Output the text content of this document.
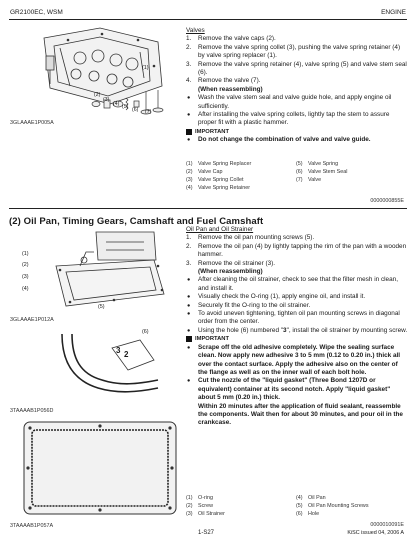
GR2100EC, WSM	ENGINE
(1)
(2)
(3)
(4) (5) (6) (7)
3GLAAAE1P005A
Valves
1. Remove the valve caps (2).
2. Remove the valve spring collet (3), pushing the valve spring retainer (4) by valve spring replacer (1).
3. Remove the valve spring retainer (4), valve spring (5) and valve stem seal (6).
4. Remove the valve (7).
(When reassembling)
● Wash the valve stem seal and valve guide hole, and apply engine oil sufficiently.
● After installing the valve spring collets, lightly tap the stem to assure proper fit with a plastic hammer.
IMPORTANT
● Do not change the combination of valve and valve guide.
(1) Valve Spring Replacer
(2) Valve Cap
(3) Valve Spring Collet
(4) Valve Spring Retainer
(5) Valve Spring
(6) Valve Stem Seal
(7) Valve
0000000855E
(2) Oil Pan, Timing Gears, Camshaft and Fuel Camshaft
(1)
(2)
(3)
(4)
(5)
3GLAAAE1P012A
(6)
3 2
3TAAAAB1P056D
3TAAAAB1P057A
Oil Pan and Oil Strainer
1. Remove the oil pan mounting screws (5).
2. Remove the oil pan (4) by lightly tapping the rim of the pan with a wooden hammer.
3. Remove the oil strainer (3).
(When reassembling)
● After cleaning the oil strainer, check to see that the filter mesh in clean, and install it.
● Visually check the O-ring (1), apply engine oil, and install it.
● Securely fit the O-ring to the oil strainer.
● To avoid uneven tightening, tighten oil pan mounting screws in diagonal order from the center.
● Using the hole (6) numbered "3", install the oil strainer by mounting screw.
IMPORTANT
● Scrape off the old adhesive completely. Wipe the sealing surface clean. Now apply new adhesive 3 to 5 mm (0.12 to 0.20 in.) thick all over the contact surface. Apply the adhesive also on the center of the flange as well as on the inner wall of each bolt hole.
● Cut the nozzle of the "liquid gasket" (Three Bond 1207D or equivalent) container at its second notch. Apply "liquid gasket" about 5 mm (0.20 in.) thick.
Within 20 minutes after the application of fluid sealant, reassemble the components. Wait then for about 30 minutes, and pour oil in the crankcase.
(1) O-ring
(2) Screw
(3) Oil Strainer
(4) Oil Pan
(5) Oil Pan Mounting Screws
(6) Hole
0000010091E
1-S27	KiSC issued 04, 2006 A
